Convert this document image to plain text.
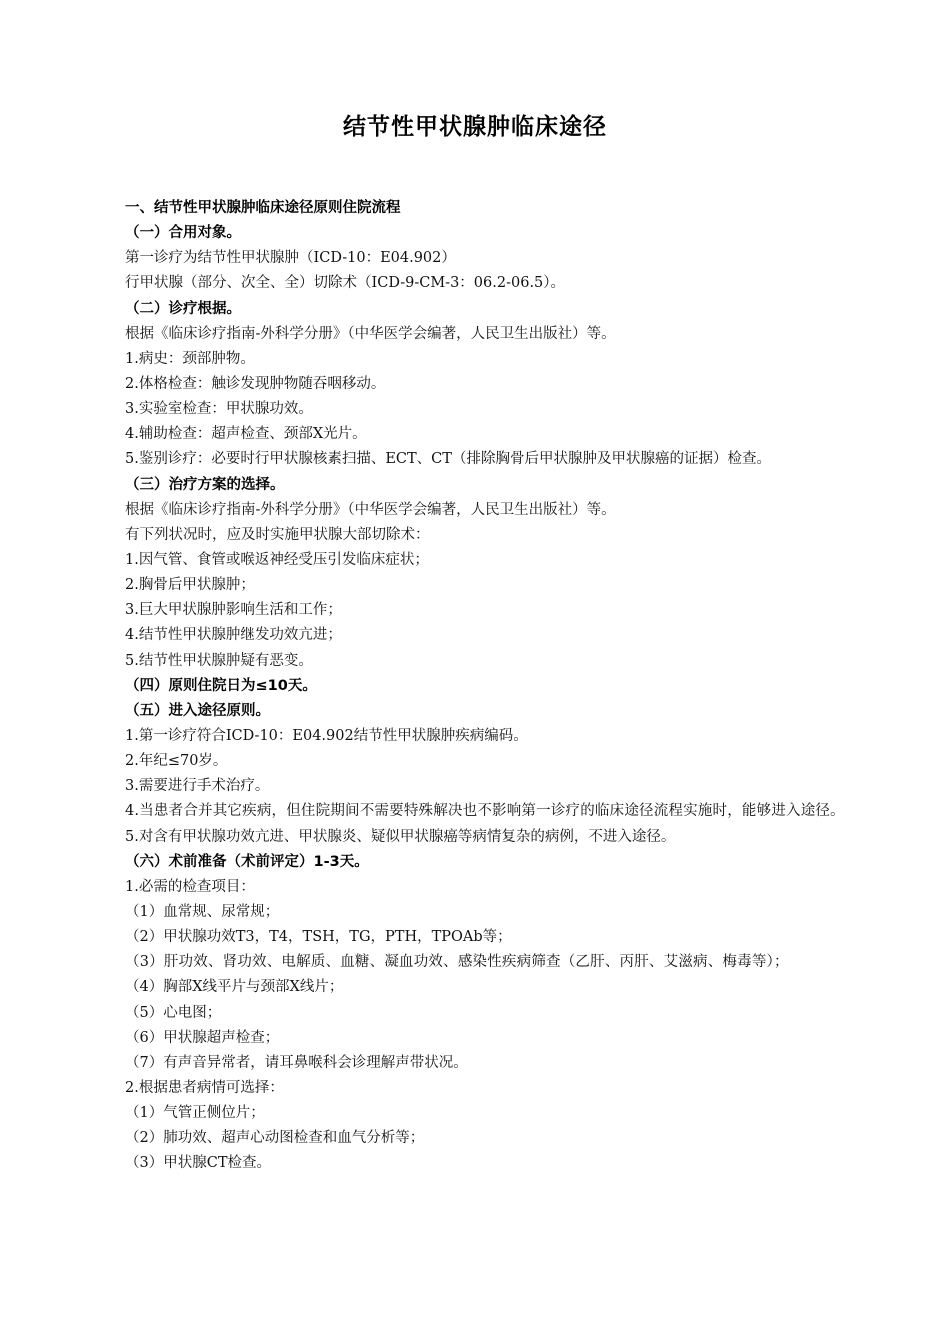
结节性甲状腺肿临床途径
一、结节性甲状腺肿临床途径原则住院流程
（一）合用对象。
第一诊疗为结节性甲状腺肿（ICD-10：E04.902）
行甲状腺（部分、次全、全）切除术（ICD-9-CM-3：06.2-06.5）。
（二）诊疗根据。
根据《临床诊疗指南-外科学分册》（中华医学会编著，人民卫生出版社）等。
1.病史：颈部肿物。
2.体格检查：触诊发现肿物随吞咽移动。
3.实验室检查：甲状腺功效。
4.辅助检查：超声检查、颈部X光片。
5.鉴别诊疗：必要时行甲状腺核素扫描、ECT、CT（排除胸骨后甲状腺肿及甲状腺癌的证据）检查。
（三）治疗方案的选择。
根据《临床诊疗指南-外科学分册》（中华医学会编著，人民卫生出版社）等。
有下列状况时，应及时实施甲状腺大部切除术：
1.因气管、食管或喉返神经受压引发临床症状；
2.胸骨后甲状腺肿；
3.巨大甲状腺肿影响生活和工作；
4.结节性甲状腺肿继发功效亢进；
5.结节性甲状腺肿疑有恶变。
（四）原则住院日为≤10天。
（五）进入途径原则。
1.第一诊疗符合ICD-10：E04.902结节性甲状腺肿疾病编码。
2.年纪≤70岁。
3.需要进行手术治疗。
4.当患者合并其它疾病，但住院期间不需要特殊解决也不影响第一诊疗的临床途径流程实施时，能够进入途径。
5.对含有甲状腺功效亢进、甲状腺炎、疑似甲状腺癌等病情复杂的病例，不进入途径。
（六）术前准备（术前评定）1-3天。
1.必需的检查项目：
（1）血常规、尿常规；
（2）甲状腺功效T3，T4，TSH，TG，PTH，TPOAb等；
（3）肝功效、肾功效、电解质、血糖、凝血功效、感染性疾病筛查（乙肝、丙肝、艾滋病、梅毒等）；
（4）胸部X线平片与颈部X线片；
（5）心电图；
（6）甲状腺超声检查；
（7）有声音异常者，请耳鼻喉科会诊理解声带状况。
2.根据患者病情可选择：
（1）气管正侧位片；
（2）肺功效、超声心动图检查和血气分析等；
（3）甲状腺CT检查。
